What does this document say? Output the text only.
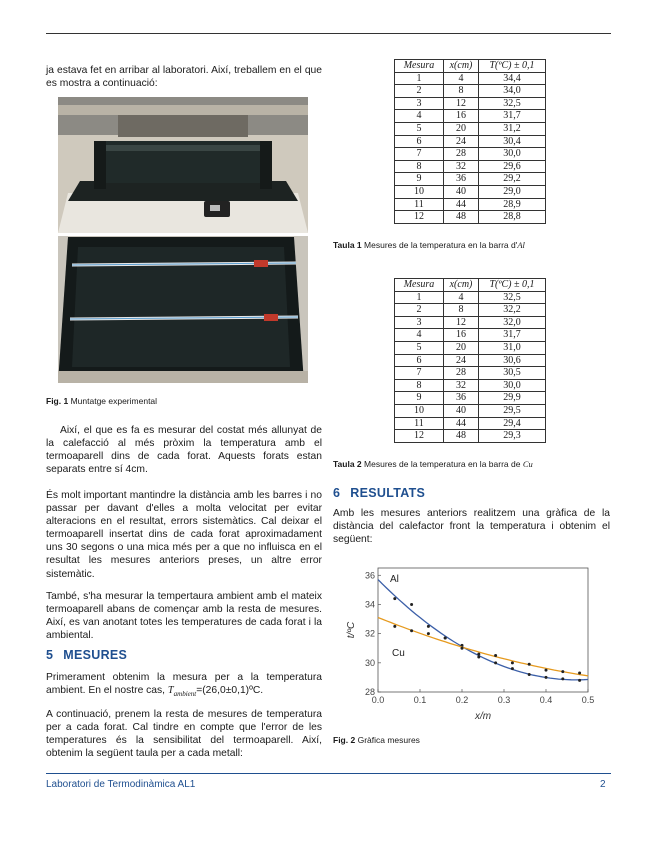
ja estava fet en arribar al laboratori. Així, treballem en el que es mostra a continuació:

Fig. 1 Muntatge experimental

Així, el que es fa es mesurar del costat més allunyat de la calefacció al més pròxim la temperatura amb el termoaparell dins de cada forat. Aquests forats estan separats entre sí 4cm.

És molt important mantindre la distància amb les barres i no passar per davant d'elles a molta velocitat per evitar alteracions en el resultat, errors sistemàtics. Cal deixar el termoaparell insertat dins de cada forat aproximadament uns 30 segons o una mica més per a que no influisca en el resultat les mesures anteriors preses, un altre error sistemàtic.

També, s'ha mesurar la tempertaura ambient amb el mateix termoaparell abans de començar amb la resta de mesures. Així, es van anotant totes les temperatures de cada forat i la ambiental.

5 MESURES

Primerament obtenim la mesura per a la temperatura ambient. En el nostre cas, $T_{ambient}=(26,0\pm 0,1)ºC$.

A continuació, prenem la resta de mesures de temperatura per a cada forat. Cal tindre en compte que l'error de les temperatures és la sensibilitat del termoaparell. Així, obtenim la següent taula per a cada metall:

Mesura	x(cm)	T(ºC) ± 0,1
1	4	34,4
2	8	34,0
3	12	32,5
4	16	31,7
5	20	31,2
6	24	30,4
7	28	30,0
8	32	29,6
9	36	29,2
10	40	29,0
11	44	28,9
12	48	28,8
Taula 1 Mesures de la temperatura en la barra d'Al
Mesura	x(cm)	T(ºC) ± 0,1
1	4	32,5
2	8	32,2
3	12	32,0
4	16	31,7
5	20	31,0
6	24	30,6
7	28	30,5
8	32	30,0
9	36	29,9
10	40	29,5
11	44	29,4
12	48	29,3
Taula 2 Mesures de la temperatura en la barra de Cu
6 RESULTATS

Amb les mesures anteriors realitzem una gràfica de la distància del calefactor front la temperatura i obtenim el següent:

0.0	0.1	0.2	0.3	0.4	0.5
28
30
32
34
36
x/m
t/ºC
Al
Cu
Fig. 2 Gràfica mesures
Laboratori de Termodinàmica AL1	2
